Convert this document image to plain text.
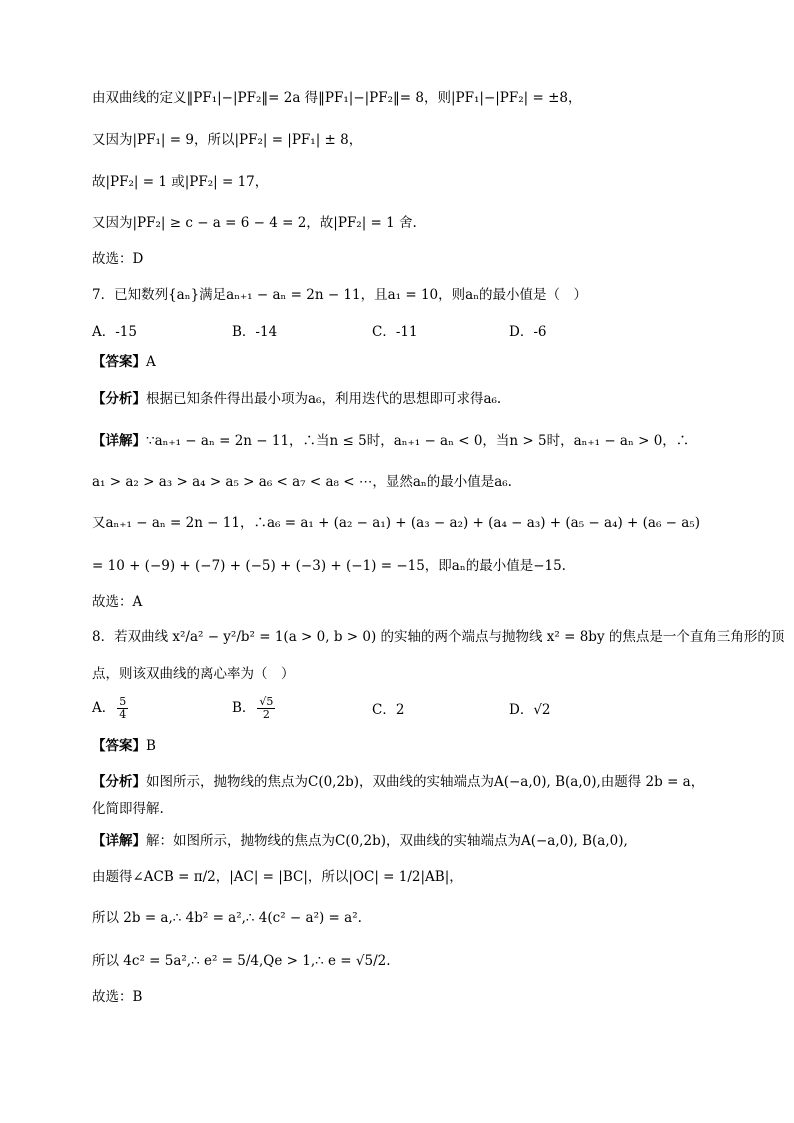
由双曲线的定义‖PF₁|−|PF₂‖= 2a 得‖PF₁|−|PF₂‖= 8，则|PF₁|−|PF₂| = ±8，
又因为|PF₁| = 9，所以|PF₂| = |PF₁| ± 8，
故|PF₂| = 1 或|PF₂| = 17，
又因为|PF₂| ≥ c − a = 6 − 4 = 2，故|PF₂| = 1 舍.
故选：D
7．已知数列{aₙ}满足aₙ₊₁ − aₙ = 2n − 11，且a₁ = 10，则aₙ的最小值是（　）
A．-15	B．-14	C．-11	D．-6
【答案】A
【分析】根据已知条件得出最小项为a₆，利用迭代的思想即可求得a₆.
【详解】∵aₙ₊₁ − aₙ = 2n − 11，∴当n ≤ 5时，aₙ₊₁ − aₙ < 0，当n > 5时，aₙ₊₁ − aₙ > 0，∴
a₁ > a₂ > a₃ > a₄ > a₅ > a₆ < a₇ < a₈ < ⋯，显然aₙ的最小值是a₆.
又aₙ₊₁ − aₙ = 2n − 11，∴a₆ = a₁ + (a₂ − a₁) + (a₃ − a₂) + (a₄ − a₃) + (a₅ − a₄) + (a₆ − a₅)
= 10 + (−9) + (−7) + (−5) + (−3) + (−1) = −15，即aₙ的最小值是−15.
故选：A
8．若双曲线 x²/a² − y²/b² = 1(a > 0, b > 0) 的实轴的两个端点与抛物线 x² = 8by 的焦点是一个直角三角形的顶
点，则该双曲线的离心率为（　）
A． $\frac{5}{4}$	B． $\frac{√5}{2}$	C．2	D．√2
【答案】B
【分析】如图所示，抛物线的焦点为C(0,2b)，双曲线的实轴端点为A(−a,0), B(a,0),由题得 2b = a，
化简即得解.
【详解】解：如图所示，抛物线的焦点为C(0,2b)，双曲线的实轴端点为A(−a,0), B(a,0),
由题得∠ACB = π/2，|AC| = |BC|，所以|OC| = 1/2|AB|，
所以 2b = a,∴ 4b² = a²,∴ 4(c² − a²) = a².
所以 4c² = 5a²,∴ e² = 5/4,Qe > 1,∴ e = √5/2.
故选：B
